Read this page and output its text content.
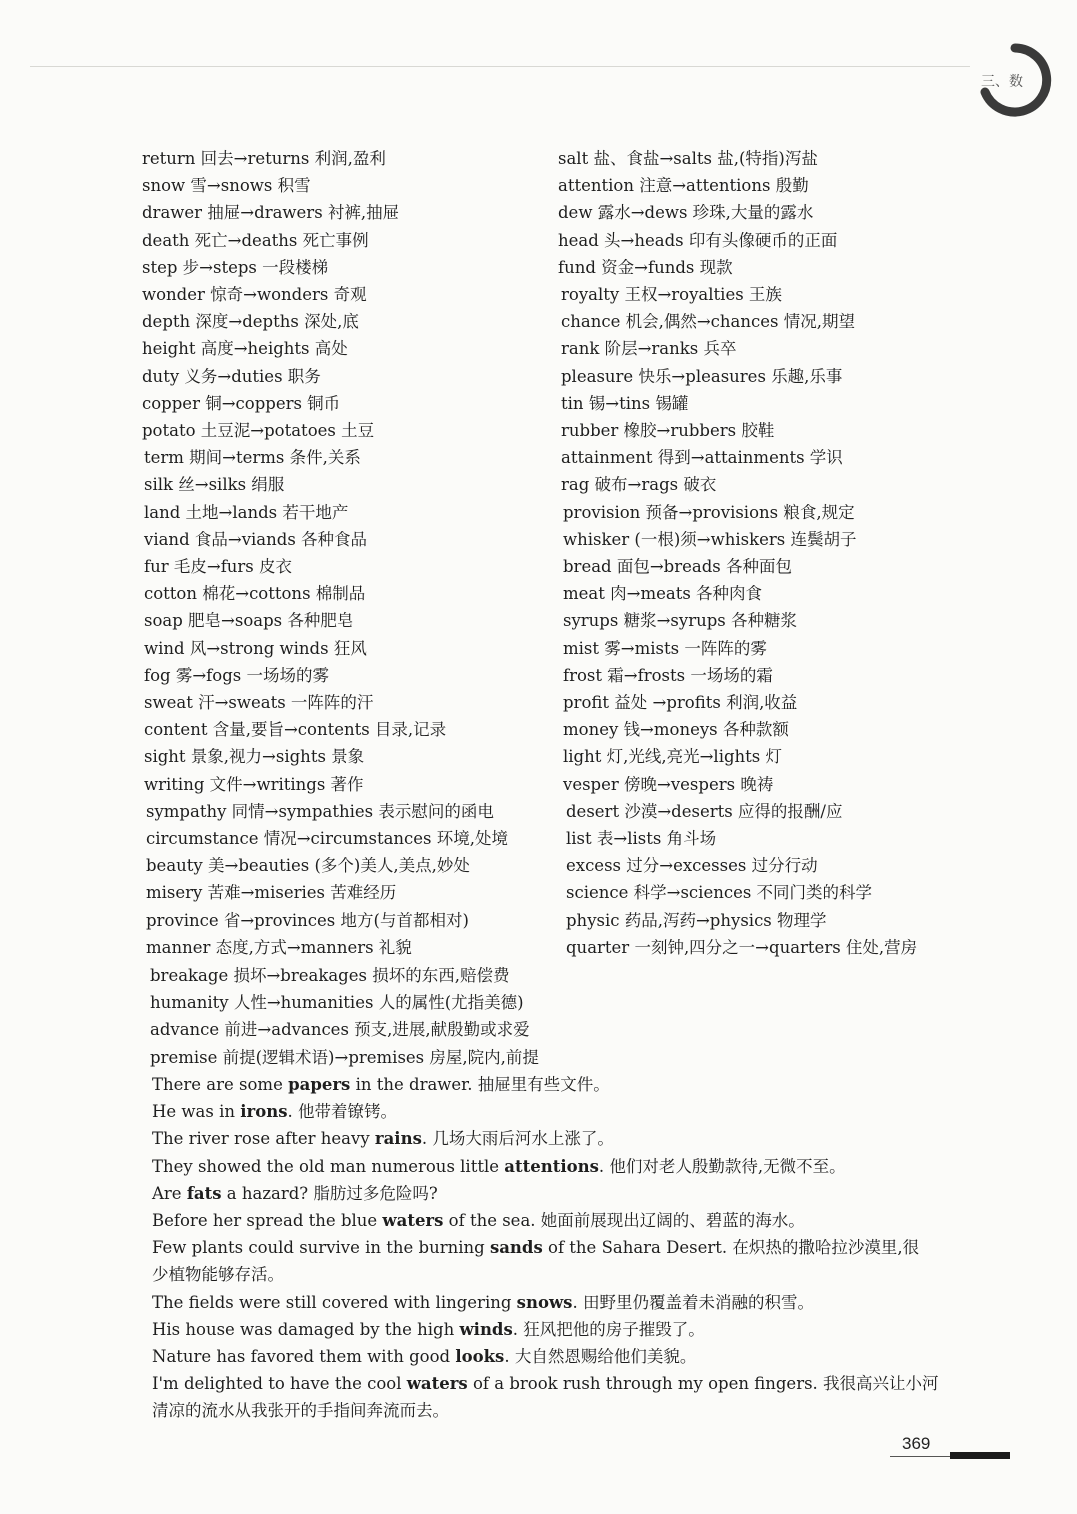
三、数
return 回去→returns 利润,盈利
snow 雪→snows 积雪
drawer 抽屉→drawers 衬裤,抽屉
death 死亡→deaths 死亡事例
step 步→steps 一段楼梯
wonder 惊奇→wonders 奇观
depth 深度→depths 深处,底
height 高度→heights 高处
duty 义务→duties 职务
copper 铜→coppers 铜币
potato 土豆泥→potatoes 土豆
term 期间→terms 条件,关系
silk 丝→silks 绢服
land 土地→lands 若干地产
viand 食品→viands 各种食品
fur 毛皮→furs 皮衣
cotton 棉花→cottons 棉制品
soap 肥皂→soaps 各种肥皂
wind 风→strong winds 狂风
fog 雾→fogs 一场场的雾
sweat 汗→sweats 一阵阵的汗
content 含量,要旨→contents 目录,记录
sight 景象,视力→sights 景象
writing 文件→writings 著作
sympathy 同情→sympathies 表示慰问的函电
circumstance 情况→circumstances 环境,处境
beauty 美→beauties (多个)美人,美点,妙处
misery 苦难→miseries 苦难经历
province 省→provinces 地方(与首都相对)
manner 态度,方式→manners 礼貌
salt 盐、食盐→salts 盐,(特指)泻盐
attention 注意→attentions 殷勤
dew 露水→dews 珍珠,大量的露水
head 头→heads 印有头像硬币的正面
fund 资金→funds 现款
royalty 王权→royalties 王族
chance 机会,偶然→chances 情况,期望
rank 阶层→ranks 兵卒
pleasure 快乐→pleasures 乐趣,乐事
tin 锡→tins 锡罐
rubber 橡胶→rubbers 胶鞋
attainment 得到→attainments 学识
rag 破布→rags 破衣
provision 预备→provisions 粮食,规定
whisker (一根)须→whiskers 连鬓胡子
bread 面包→breads 各种面包
meat 肉→meats 各种肉食
syrups 糖浆→syrups 各种糖浆
mist 雾→mists 一阵阵的雾
frost 霜→frosts 一场场的霜
profit 益处 →profits 利润,收益
money 钱→moneys 各种款额
light 灯,光线,亮光→lights 灯
vesper 傍晚→vespers 晚祷
desert 沙漠→deserts 应得的报酬/应
list 表→lists 角斗场
excess 过分→excesses 过分行动
science 科学→sciences 不同门类的科学
physic 药品,泻药→physics 物理学
quarter 一刻钟,四分之一→quarters 住处,营房
breakage 损坏→breakages 损坏的东西,赔偿费
humanity 人性→humanities 人的属性(尤指美德)
advance 前进→advances 预支,进展,献殷勤或求爱
premise 前提(逻辑术语)→premises 房屋,院内,前提
There are some papers in the drawer. 抽屉里有些文件。
He was in irons. 他带着镣铐。
The river rose after heavy rains. 几场大雨后河水上涨了。
They showed the old man numerous little attentions. 他们对老人殷勤款待,无微不至。
Are fats a hazard? 脂肪过多危险吗?
Before her spread the blue waters of the sea. 她面前展现出辽阔的、碧蓝的海水。
Few plants could survive in the burning sands of the Sahara Desert. 在炽热的撒哈拉沙漠里,很
少植物能够存活。
The fields were still covered with lingering snows. 田野里仍覆盖着未消融的积雪。
His house was damaged by the high winds. 狂风把他的房子摧毁了。
Nature has favored them with good looks. 大自然恩赐给他们美貌。
I'm delighted to have the cool waters of a brook rush through my open fingers. 我很高兴让小河
清凉的流水从我张开的手指间奔流而去。
369
